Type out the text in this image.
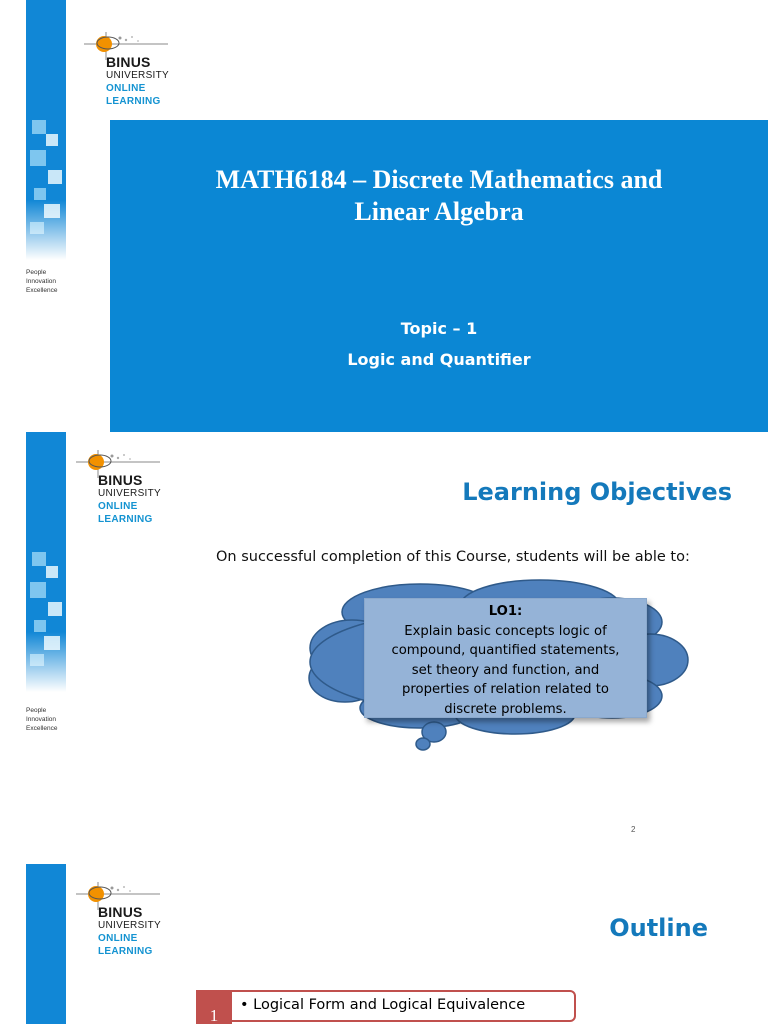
BINUS
UNIVERSITY
ONLINE
LEARNING
People
Innovation
Excellence
MATH6184 – Discrete Mathematics and
Linear Algebra
Topic – 1
Logic and Quantifier
BINUS
UNIVERSITY
ONLINE
LEARNING
People
Innovation
Excellence
Learning Objectives
On successful completion of this Course, students will be able to:
LO1:
Explain basic concepts logic of
compound, quantified statements,
set theory and function, and
properties of relation related to
discrete problems.
2
BINUS
UNIVERSITY
ONLINE
LEARNING
Outline
• Logical Form and Logical Equivalence
1
